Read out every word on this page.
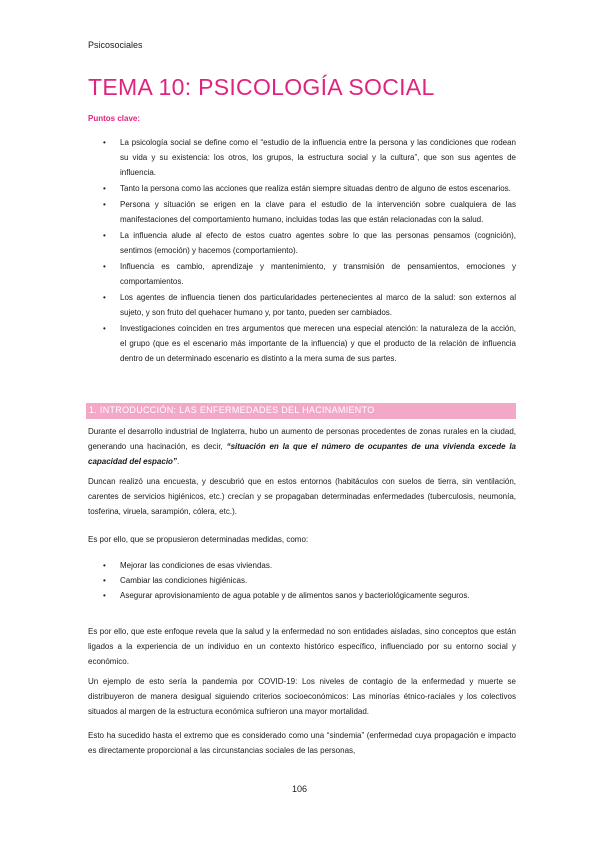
Psicosociales
TEMA 10: PSICOLOGÍA SOCIAL
Puntos clave:
• La psicología social se define como el “estudio de la influencia entre la persona y las condiciones que rodean su vida y su existencia: los otros, los grupos, la estructura social y la cultura”, que son sus agentes de influencia.
• Tanto la persona como las acciones que realiza están siempre situadas dentro de alguno de estos escenarios.
• Persona y situación se erigen en la clave para el estudio de la intervención sobre cualquiera de las manifestaciones del comportamiento humano, incluidas todas las que están relacionadas con la salud.
• La influencia alude al efecto de estos cuatro agentes sobre lo que las personas pensamos (cognición), sentimos (emoción) y hacemos (comportamiento).
• Influencia es cambio, aprendizaje y mantenimiento, y transmisión de pensamientos, emociones y comportamientos.
• Los agentes de influencia tienen dos particularidades pertenecientes al marco de la salud: son externos al sujeto, y son fruto del quehacer humano y, por tanto, pueden ser cambiados.
• Investigaciones coinciden en tres argumentos que merecen una especial atención: la naturaleza de la acción, el grupo (que es el escenario más importante de la influencia) y que el producto de la relación de influencia dentro de un determinado escenario es distinto a la mera suma de sus partes.
1. INTRODUCCIÓN: LAS ENFERMEDADES DEL HACINAMIENTO

Durante el desarrollo industrial de Inglaterra, hubo un aumento de personas procedentes de zonas rurales en la ciudad, generando una hacinación, es decir, “situación en la que el número de ocupantes de una vivienda excede la capacidad del espacio”.

Duncan realizó una encuesta, y descubrió que en estos entornos (habitáculos con suelos de tierra, sin ventilación, carentes de servicios higiénicos, etc.) crecían y se propagaban determinadas enfermedades (tuberculosis, neumonía, tosferina, viruela, sarampión, cólera, etc.).

Es por ello, que se propusieron determinadas medidas, como:

• Mejorar las condiciones de esas viviendas.
• Cambiar las condiciones higiénicas.
• Asegurar aprovisionamiento de agua potable y de alimentos sanos y bacteriológicamente seguros.

Es por ello, que este enfoque revela que la salud y la enfermedad no son entidades aisladas, sino conceptos que están ligados a la experiencia de un individuo en un contexto histórico específico, influenciado por su entorno social y económico.

Un ejemplo de esto sería la pandemia por COVID-19: Los niveles de contagio de la enfermedad y muerte se distribuyeron de manera desigual siguiendo criterios socioeconómicos: Las minorías étnico-raciales y los colectivos situados al margen de la estructura económica sufrieron una mayor mortalidad.

Esto ha sucedido hasta el extremo que es considerado como una “sindemia” (enfermedad cuya propagación e impacto es directamente proporcional a las circunstancias sociales de las personas,

106
